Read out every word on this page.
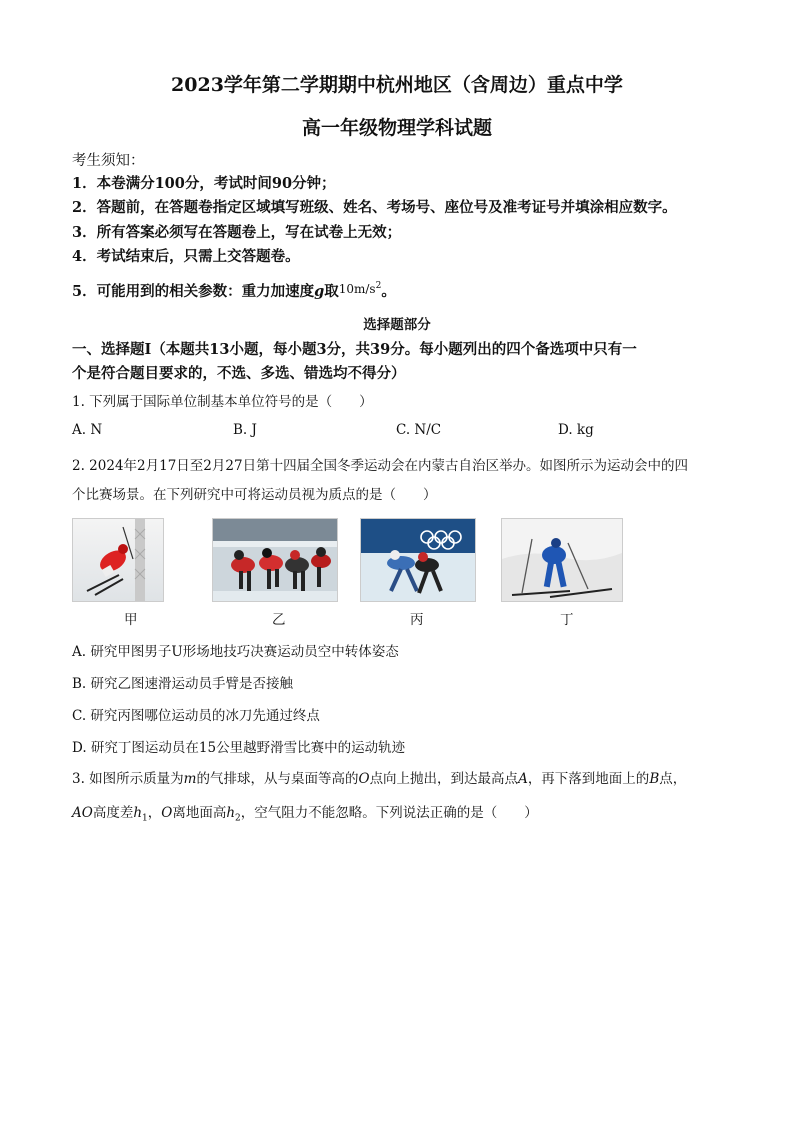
2023学年第二学期期中杭州地区（含周边）重点中学
高一年级物理学科试题
考生须知：
1．本卷满分100分，考试时间90分钟；
2．答题前，在答题卷指定区域填写班级、姓名、考场号、座位号及准考证号并填涂相应数字。
3．所有答案必须写在答题卷上，写在试卷上无效；
4．考试结束后，只需上交答题卷。
5．可能用到的相关参数：重力加速度g取$^{10m/s^2}$。
选择题部分
一、选择题Ⅰ（本题共13小题，每小题3分，共39分。每小题列出的四个备选项中只有一
个是符合题目要求的，不选、多选、错选均不得分）
1. 下列属于国际单位制基本单位符号的是（　　）
A. N	B. J	C. N/C	D. kg
2. 2024年2月17日至2月27日第十四届全国冬季运动会在内蒙古自治区举办。如图所示为运动会中的四
个比赛场景。在下列研究中可将运动员视为质点的是（　　）
甲	乙	丙	丁
A. 研究甲图男子U形场地技巧决赛运动员空中转体姿态
B. 研究乙图速滑运动员手臂是否接触
C. 研究丙图哪位运动员的冰刀先通过终点
D. 研究丁图运动员在15公里越野滑雪比赛中的运动轨迹
3. 如图所示质量为m的气排球，从与桌面等高的O点向上抛出，到达最高点A，再下落到地面上的B点，
AO高度差$h_1$，O离地面高$h_2$，空气阻力不能忽略。下列说法正确的是（　　）
